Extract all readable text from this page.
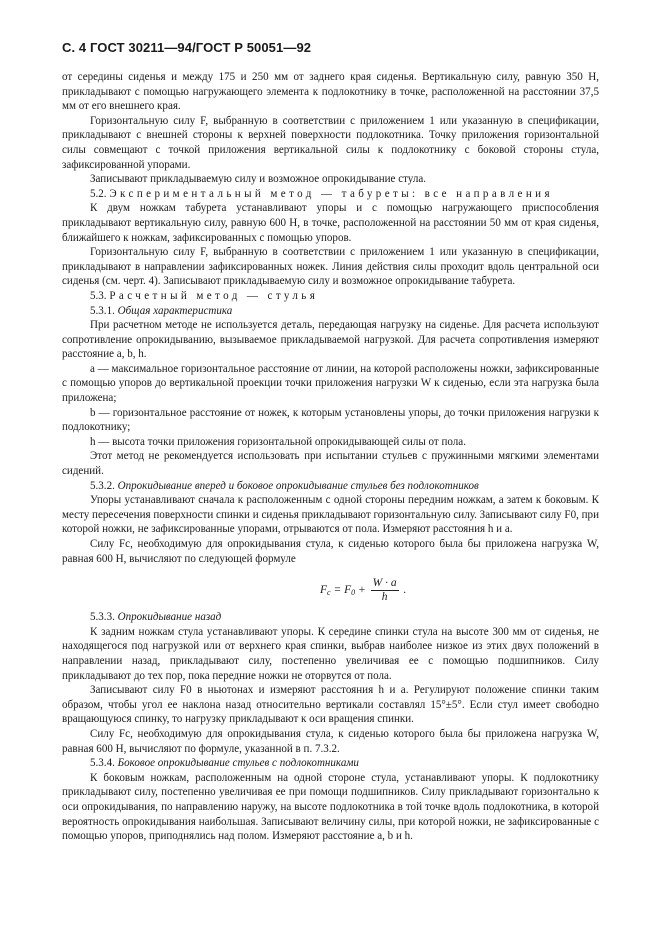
С. 4 ГОСТ 30211—94/ГОСТ Р 50051—92

от середины сиденья и между 175 и 250 мм от заднего края сиденья. Вертикальную силу, равную 350 Н, прикладывают с помощью нагружающего элемента к подлокотнику в точке, расположенной на расстоянии 37,5 мм от его внешнего края.

Горизонтальную силу F, выбранную в соответствии с приложением 1 или указанную в спецификации, прикладывают с внешней стороны к верхней поверхности подлокотника. Точку приложения горизонтальной силы совмещают с точкой приложения вертикальной силы к подлокотнику с боковой стороны стула, зафиксированной упорами.

Записывают прикладываемую силу и возможное опрокидывание стула.

5.2. Экспериментальный метод — табуреты: все направления

К двум ножкам табурета устанавливают упоры и с помощью нагружающего приспособления прикладывают вертикальную силу, равную 600 Н, в точке, расположенной на расстоянии 50 мм от края сиденья, ближайшего к ножкам, зафиксированных с помощью упоров.

Горизонтальную силу F, выбранную в соответствии с приложением 1 или указанную в спецификации, прикладывают в направлении зафиксированных ножек. Линия действия силы проходит вдоль центральной оси сиденья (см. черт. 4). Записывают прикладываемую силу и возможное опрокидывание табурета.

5.3. Расчетный метод — стулья

5.3.1. Общая характеристика

При расчетном методе не используется деталь, передающая нагрузку на сиденье. Для расчета используют сопротивление опрокидыванию, вызываемое прикладываемой нагрузкой. Для расчета сопротивления измеряют расстояние a, b, h.

a — максимальное горизонтальное расстояние от линии, на которой расположены ножки, зафиксированные с помощью упоров до вертикальной проекции точки приложения нагрузки W к сиденью, если эта нагрузка была приложена;

b — горизонтальное расстояние от ножек, к которым установлены упоры, до точки приложения нагрузки к подлокотнику;

h — высота точки приложения горизонтальной опрокидывающей силы от пола.

Этот метод не рекомендуется использовать при испытании стульев с пружинными мягкими элементами сидений.

5.3.2. Опрокидывание вперед и боковое опрокидывание стульев без подлокотников

Упоры устанавливают сначала к расположенным с одной стороны передним ножкам, а затем к боковым. К месту пересечения поверхности спинки и сиденья прикладывают горизонтальную силу. Записывают силу F0, при которой ножки, не зафиксированные упорами, отрываются от пола. Измеряют расстояния h и a.

Силу Fc, необходимую для опрокидывания стула, к сиденью которого была бы приложена нагрузка W, равная 600 Н, вычисляют по следующей формуле

$F_c = F_0 + \frac{W \cdot a}{h}$ .

5.3.3. Опрокидывание назад

К задним ножкам стула устанавливают упоры. К середине спинки стула на высоте 300 мм от сиденья, не находящегося под нагрузкой или от верхнего края спинки, выбрав наиболее низкое из этих двух положений в направлении назад, прикладывают силу, постепенно увеличивая ее с помощью подшипников. Силу прикладывают до тех пор, пока передние ножки не оторвутся от пола.

Записывают силу F0 в ньютонах и измеряют расстояния h и a. Регулируют положение спинки таким образом, чтобы угол ее наклона назад относительно вертикали составлял 15°±5°. Если стул имеет свободно вращающуюся спинку, то нагрузку прикладывают к оси вращения спинки.

Силу Fc, необходимую для опрокидывания стула, к сиденью которого была бы приложена нагрузка W, равная 600 Н, вычисляют по формуле, указанной в п. 7.3.2.

5.3.4. Боковое опрокидывание стульев с подлокотниками

К боковым ножкам, расположенным на одной стороне стула, устанавливают упоры. К подлокотнику прикладывают силу, постепенно увеличивая ее при помощи подшипников. Силу прикладывают горизонтально к оси опрокидывания, по направлению наружу, на высоте подлокотника в той точке вдоль подлокотника, в которой вероятность опрокидывания наибольшая. Записывают величину силы, при которой ножки, не зафиксированные с помощью упоров, приподнялись над полом. Измеряют расстояние a, b и h.
